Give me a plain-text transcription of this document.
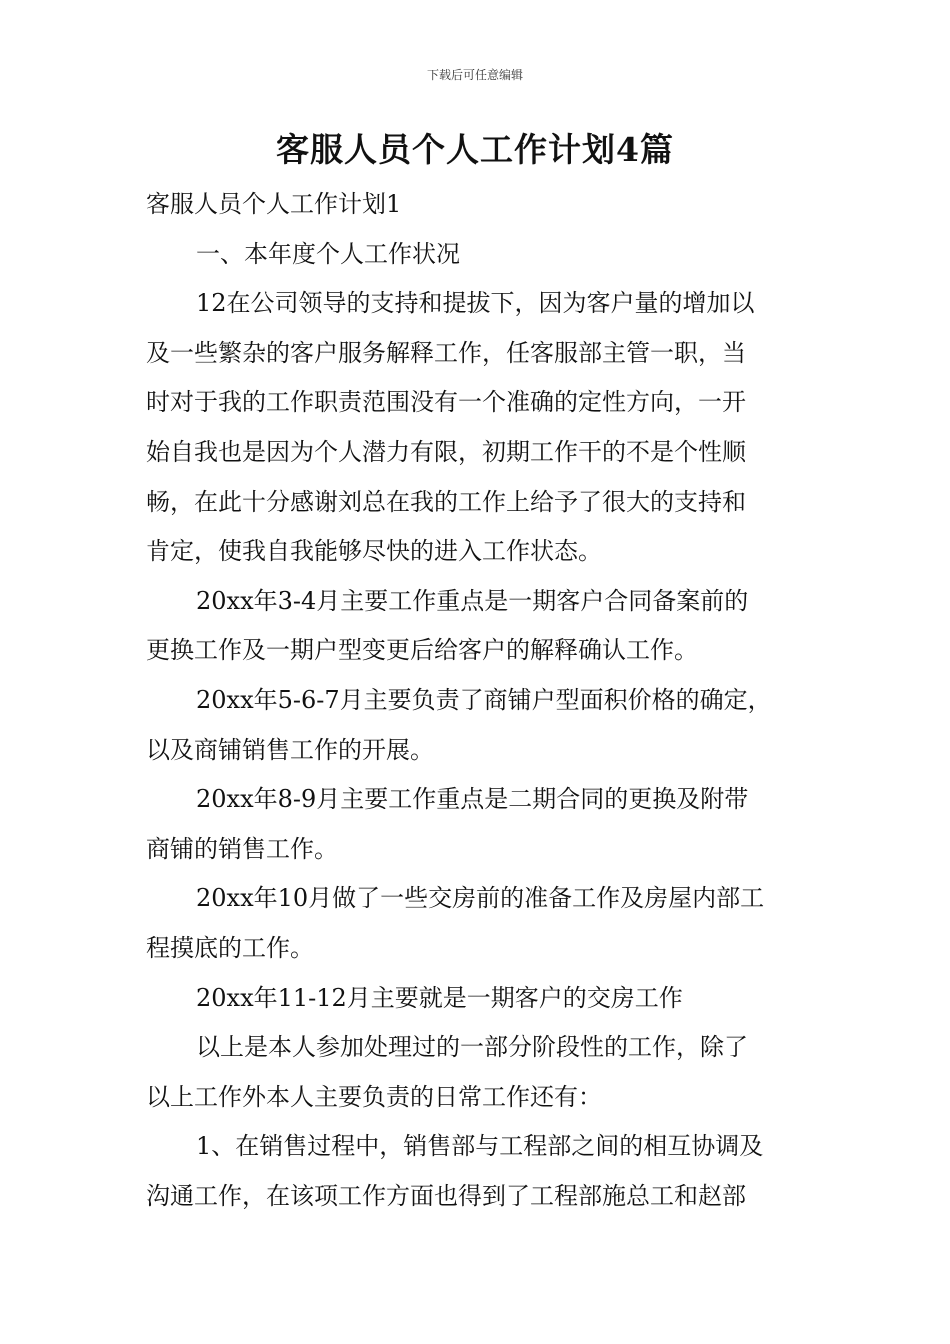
下载后可任意编辑
客服人员个人工作计划4篇

客服人员个人工作计划1

一、本年度个人工作状况

12在公司领导的支持和提拔下，因为客户量的增加以

及一些繁杂的客户服务解释工作，任客服部主管一职，当

时对于我的工作职责范围没有一个准确的定性方向，一开

始自我也是因为个人潜力有限，初期工作干的不是个性顺

畅，在此十分感谢刘总在我的工作上给予了很大的支持和

肯定，使我自我能够尽快的进入工作状态。

20xx年3-4月主要工作重点是一期客户合同备案前的

更换工作及一期户型变更后给客户的解释确认工作。

20xx年5-6-7月主要负责了商铺户型面积价格的确定，

以及商铺销售工作的开展。

20xx年8-9月主要工作重点是二期合同的更换及附带

商铺的销售工作。

20xx年10月做了一些交房前的准备工作及房屋内部工

程摸底的工作。

20xx年11-12月主要就是一期客户的交房工作

以上是本人参加处理过的一部分阶段性的工作，除了

以上工作外本人主要负责的日常工作还有：

1、在销售过程中，销售部与工程部之间的相互协调及

沟通工作，在该项工作方面也得到了工程部施总工和赵部
